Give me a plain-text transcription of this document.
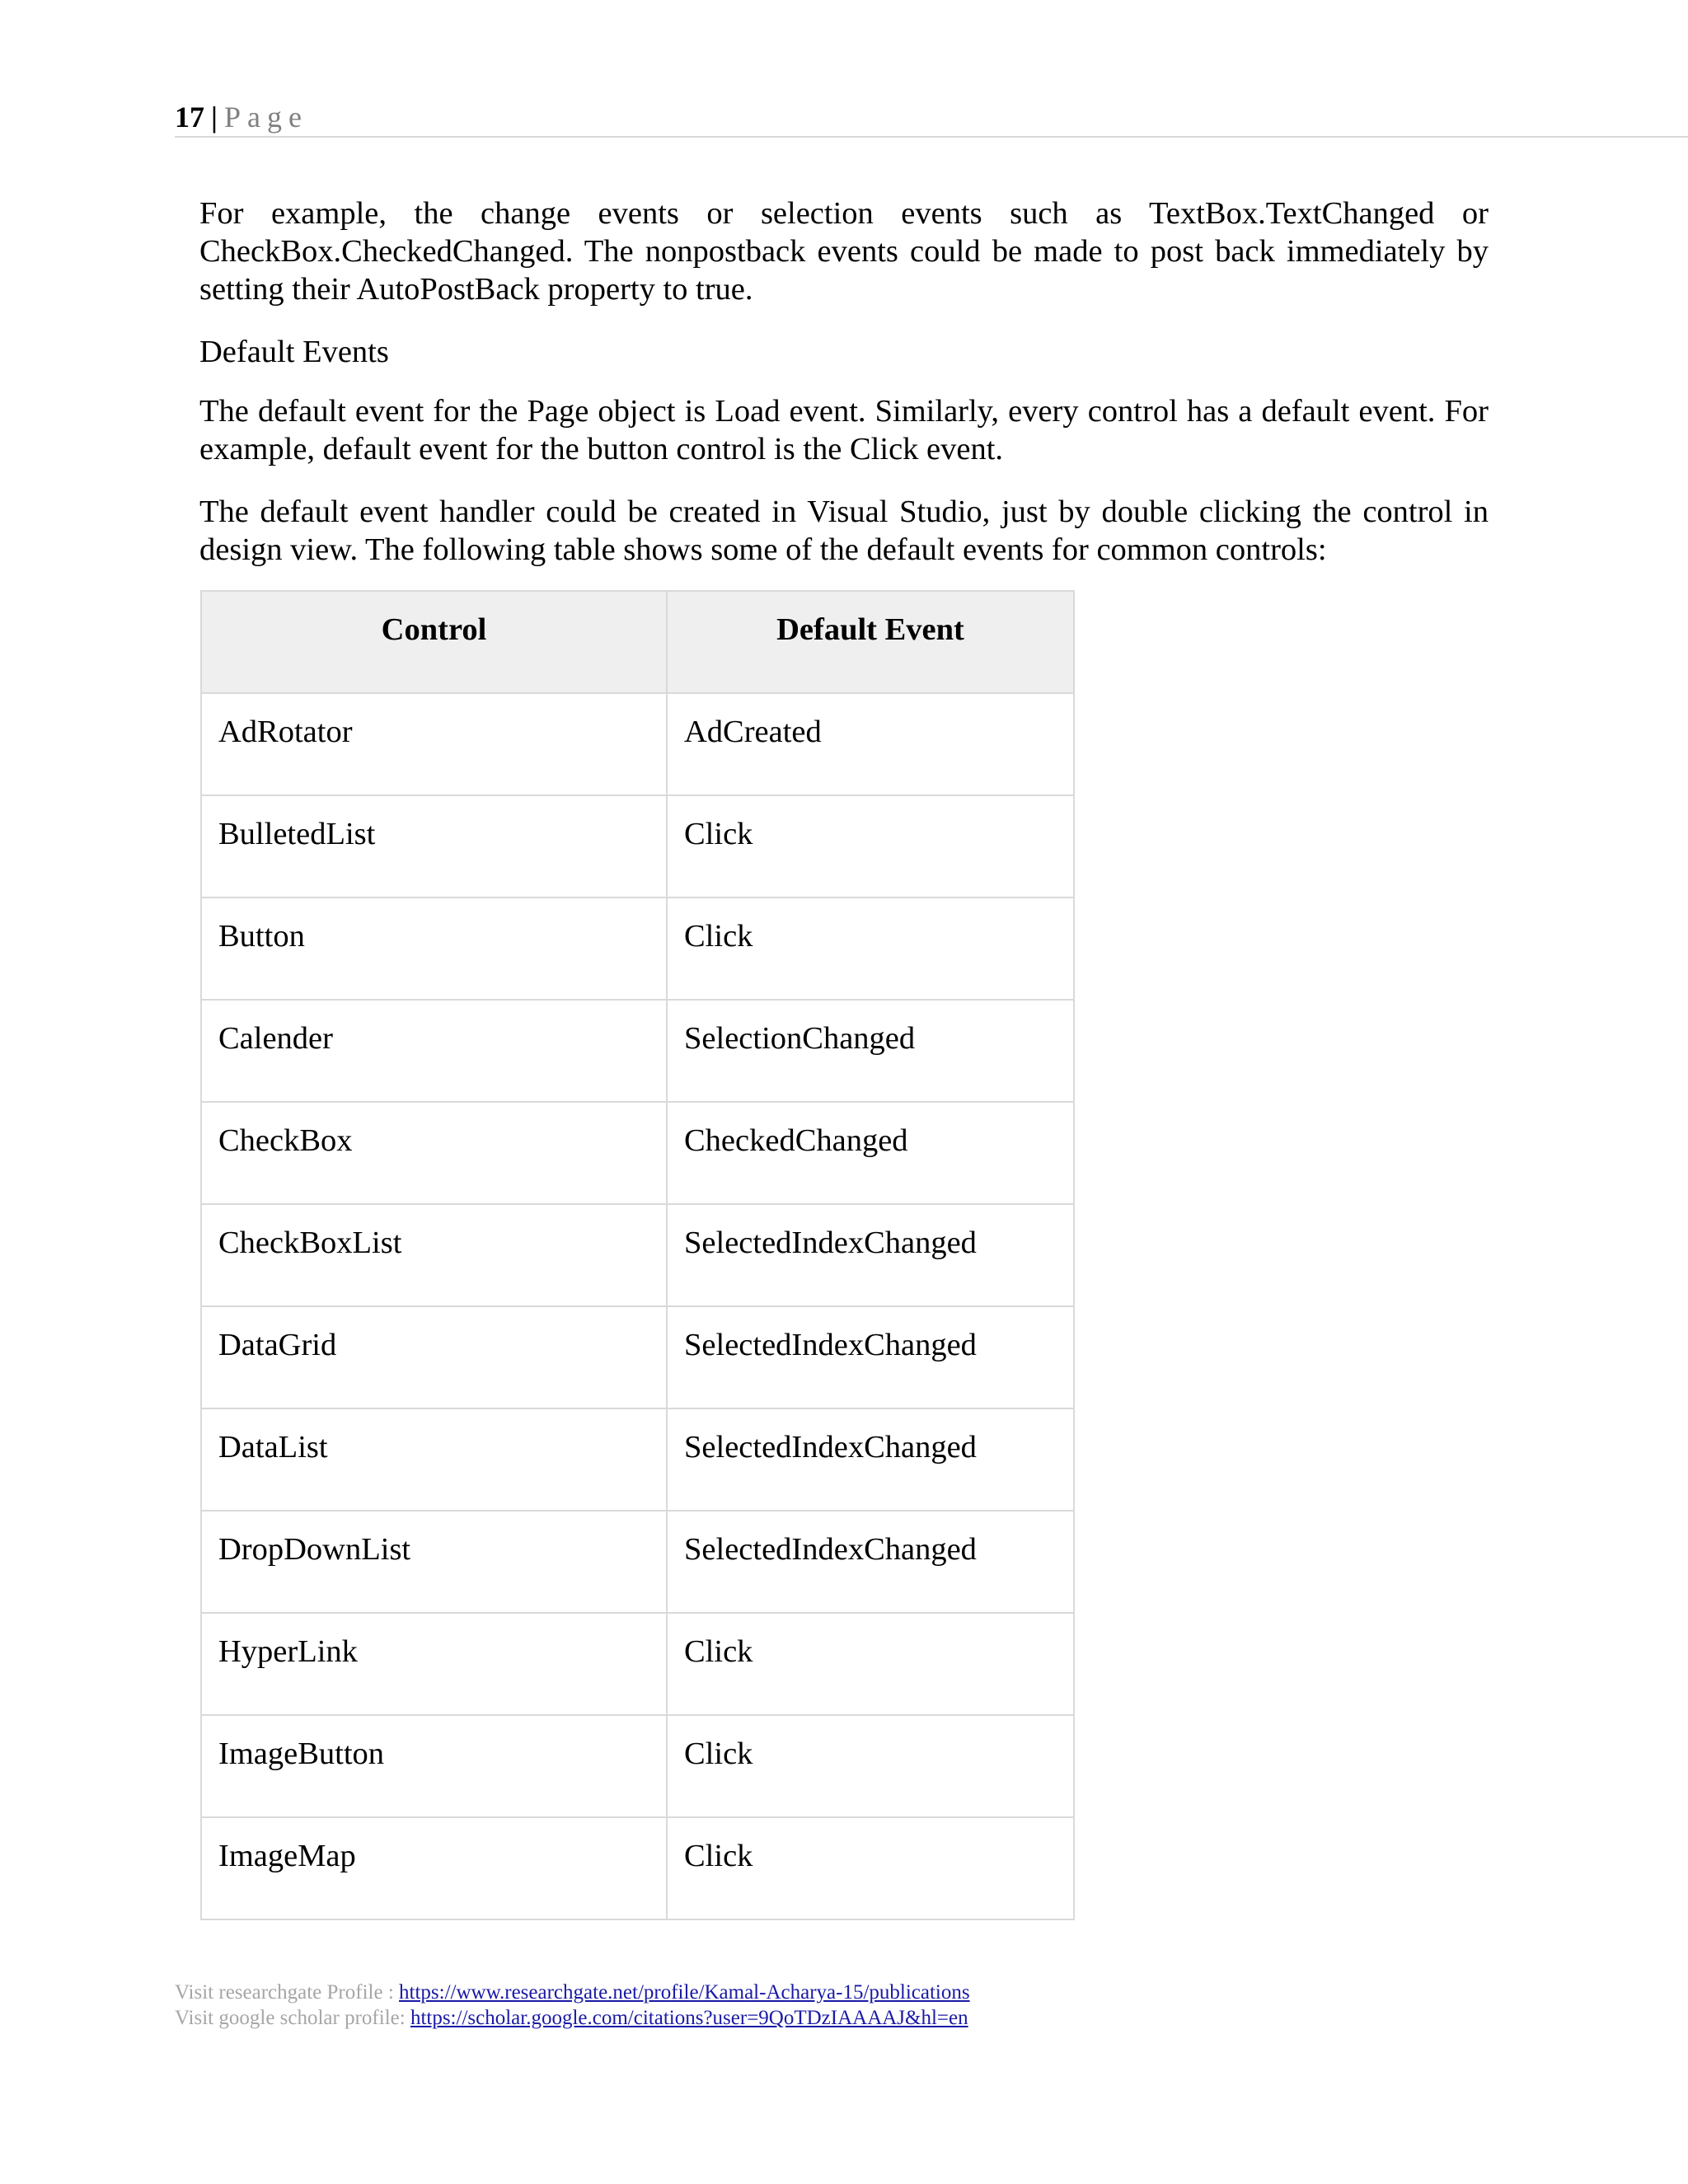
17 | Page

For example, the change events or selection events such as TextBox.TextChanged or CheckBox.CheckedChanged. The nonpostback events could be made to post back immediately by setting their AutoPostBack property to true.

Default Events

The default event for the Page object is Load event. Similarly, every control has a default event. For example, default event for the button control is the Click event.

The default event handler could be created in Visual Studio, just by double clicking the control in design view. The following table shows some of the default events for common controls:

Control	Default Event
AdRotator	AdCreated
BulletedList	Click
Button	Click
Calender	SelectionChanged
CheckBox	CheckedChanged
CheckBoxList	SelectedIndexChanged
DataGrid	SelectedIndexChanged
DataList	SelectedIndexChanged
DropDownList	SelectedIndexChanged
HyperLink	Click
ImageButton	Click
ImageMap	Click
Visit researchgate Profile : https://www.researchgate.net/profile/Kamal-Acharya-15/publications
Visit google scholar profile: https://scholar.google.com/citations?user=9QoTDzIAAAAJ&hl=en
